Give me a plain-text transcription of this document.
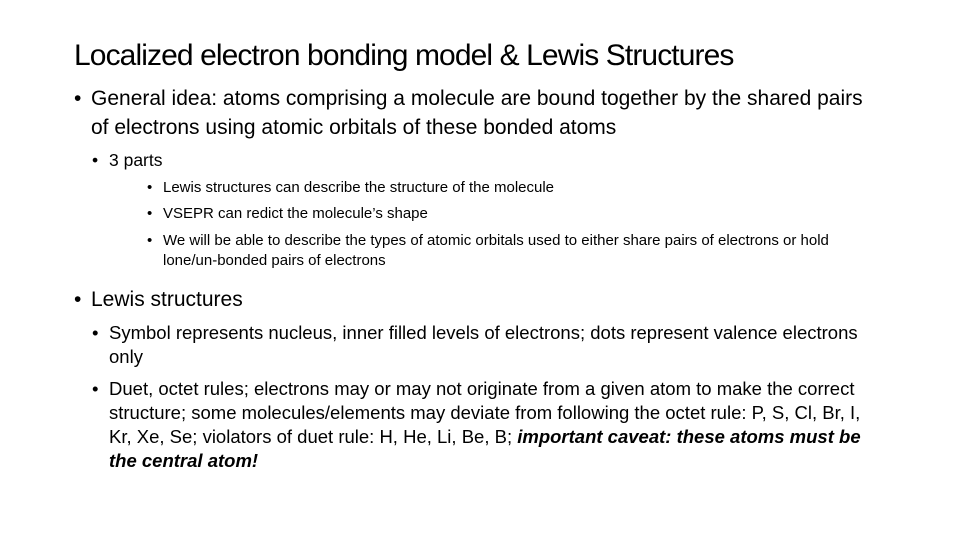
Localized electron bonding model & Lewis Structures
• General idea: atoms comprising a molecule are bound together by the shared pairs of electrons using atomic orbitals of these bonded atoms
• 3 parts
• Lewis structures can describe the structure of the molecule
• VSEPR can redict the molecule’s shape
• We will be able to describe the types of atomic orbitals used to either share pairs of electrons or hold lone/un-bonded pairs of electrons
• Lewis structures
• Symbol represents nucleus, inner filled levels of electrons; dots represent valence electrons only
• Duet, octet rules; electrons may or may not originate from a given atom to make the correct structure; some molecules/elements may deviate from following the octet rule: P, S, Cl, Br, I, Kr, Xe, Se; violators of duet rule: H, He, Li, Be, B; important caveat: these atoms must be the central atom!
